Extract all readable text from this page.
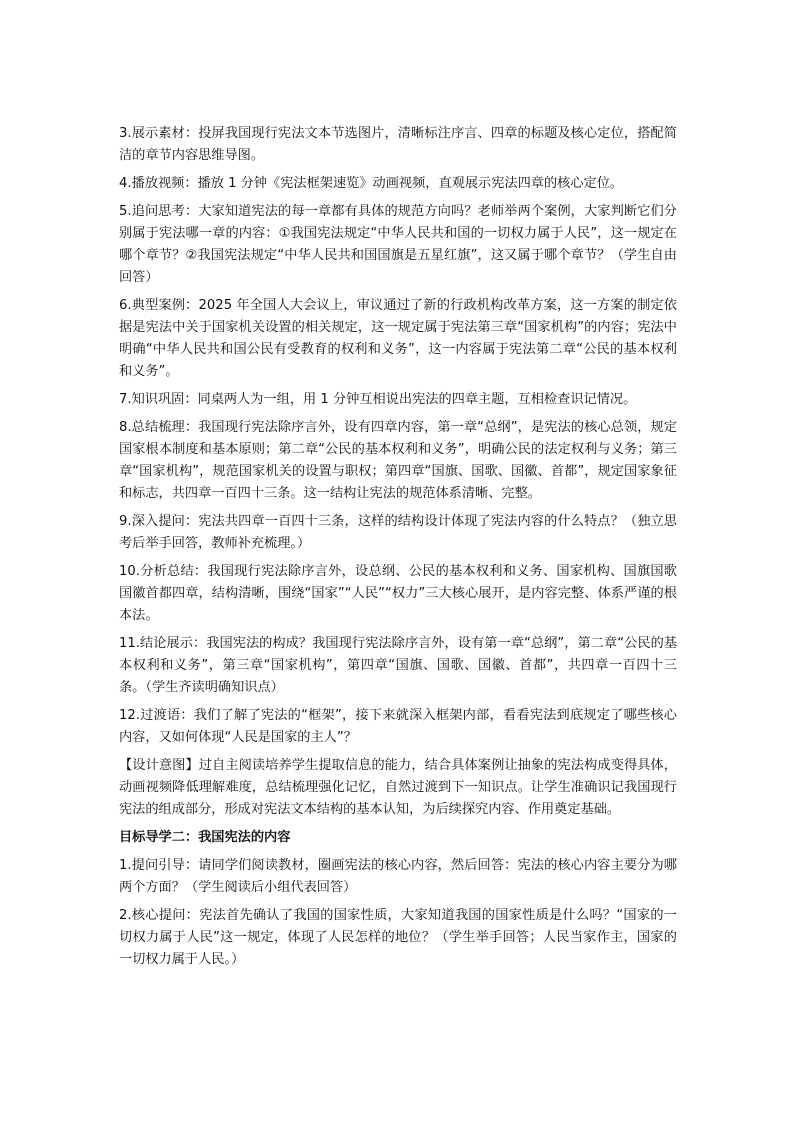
3.展示素材：投屏我国现行宪法文本节选图片，清晰标注序言、四章的标题及核心定位，搭配简洁的章节内容思维导图。

4.播放视频：播放 1 分钟《宪法框架速览》动画视频，直观展示宪法四章的核心定位。

5.追问思考：大家知道宪法的每一章都有具体的规范方向吗？老师举两个案例，大家判断它们分别属于宪法哪一章的内容：①我国宪法规定“中华人民共和国的一切权力属于人民”，这一规定在哪个章节？②我国宪法规定“中华人民共和国国旗是五星红旗”，这又属于哪个章节？（学生自由回答）

6.典型案例：2025 年全国人大会议上，审议通过了新的行政机构改革方案，这一方案的制定依据是宪法中关于国家机关设置的相关规定，这一规定属于宪法第三章“国家机构”的内容；宪法中明确“中华人民共和国公民有受教育的权利和义务”，这一内容属于宪法第二章“公民的基本权利和义务”。

7.知识巩固：同桌两人为一组，用 1 分钟互相说出宪法的四章主题，互相检查识记情况。

8.总结梳理：我国现行宪法除序言外，设有四章内容，第一章“总纲”，是宪法的核心总领，规定国家根本制度和基本原则；第二章“公民的基本权利和义务”，明确公民的法定权利与义务；第三章“国家机构”，规范国家机关的设置与职权；第四章“国旗、国歌、国徽、首都”，规定国家象征和标志，共四章一百四十三条。这一结构让宪法的规范体系清晰、完整。

9.深入提问：宪法共四章一百四十三条，这样的结构设计体现了宪法内容的什么特点？（独立思考后举手回答，教师补充梳理。）

10.分析总结：我国现行宪法除序言外，设总纲、公民的基本权利和义务、国家机构、国旗国歌国徽首都四章，结构清晰，围绕“国家”“人民”“权力”三大核心展开，是内容完整、体系严谨的根本法。

11.结论展示：我国宪法的构成？我国现行宪法除序言外，设有第一章“总纲”，第二章“公民的基本权利和义务”，第三章“国家机构”，第四章“国旗、国歌、国徽、首都”，共四章一百四十三条。（学生齐读明确知识点）

12.过渡语：我们了解了宪法的“框架”，接下来就深入框架内部，看看宪法到底规定了哪些核心内容，又如何体现“人民是国家的主人”？

【设计意图】过自主阅读培养学生提取信息的能力，结合具体案例让抽象的宪法构成变得具体，动画视频降低理解难度，总结梳理强化记忆，自然过渡到下一知识点。让学生准确识记我国现行宪法的组成部分，形成对宪法文本结构的基本认知，为后续探究内容、作用奠定基础。

目标导学二：我国宪法的内容

1.提问引导：请同学们阅读教材，圈画宪法的核心内容，然后回答：宪法的核心内容主要分为哪两个方面？（学生阅读后小组代表回答）

2.核心提问：宪法首先确认了我国的国家性质，大家知道我国的国家性质是什么吗？“国家的一切权力属于人民”这一规定，体现了人民怎样的地位？（学生举手回答；人民当家作主，国家的一切权力属于人民。）
